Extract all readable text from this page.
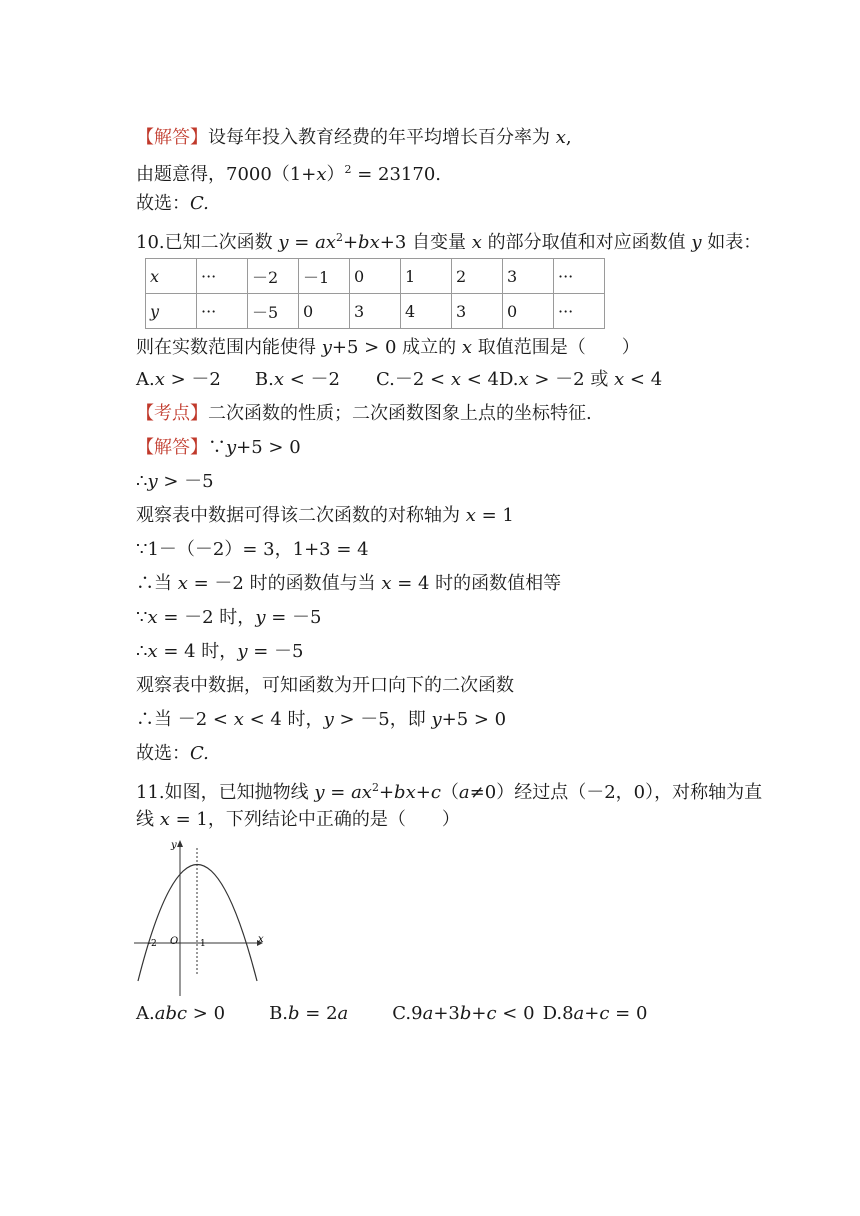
【解答】设每年投入教育经费的年平均增长百分率为 x,
由题意得，$7000(1+x)^2 = 23170$.
故选：C.
10.已知二次函数 $y = ax^2+bx+3$ 自变量 x 的部分取值和对应函数值 y 如表：
x	···	－2	－1	0	1	2	3	···
y	···	－5	0	3	4	3	0	···
则在实数范围内能使得 y+5 > 0 成立的 x 取值范围是（　　）
A.x > －2 B.x < －2 C.－2 < x < 4D.x > －2 或 x < 4
【考点】二次函数的性质；二次函数图象上点的坐标特征.
【解答】∵y+5 > 0
∴y > －5
观察表中数据可得该二次函数的对称轴为 x = 1
∵1－（－2）= 3，1+3 = 4
∴当 x = －2 时的函数值与当 x = 4 时的函数值相等
∵x = －2 时，y = －5
∴x = 4 时，y = －5
观察表中数据，可知函数为开口向下的二次函数
∴当 －2 < x < 4 时，y > －5，即 y+5 > 0
故选：C.
11.如图，已知抛物线 $y = ax^2+bx+c(a\ne 0)$经过点（－2，0），对称轴为直
线 x = 1，下列结论中正确的是（　　）
y
x
O
-2	1
A.abc > 0 B.b = 2a C.9a+3b+c < 0 D.8a+c = 0
